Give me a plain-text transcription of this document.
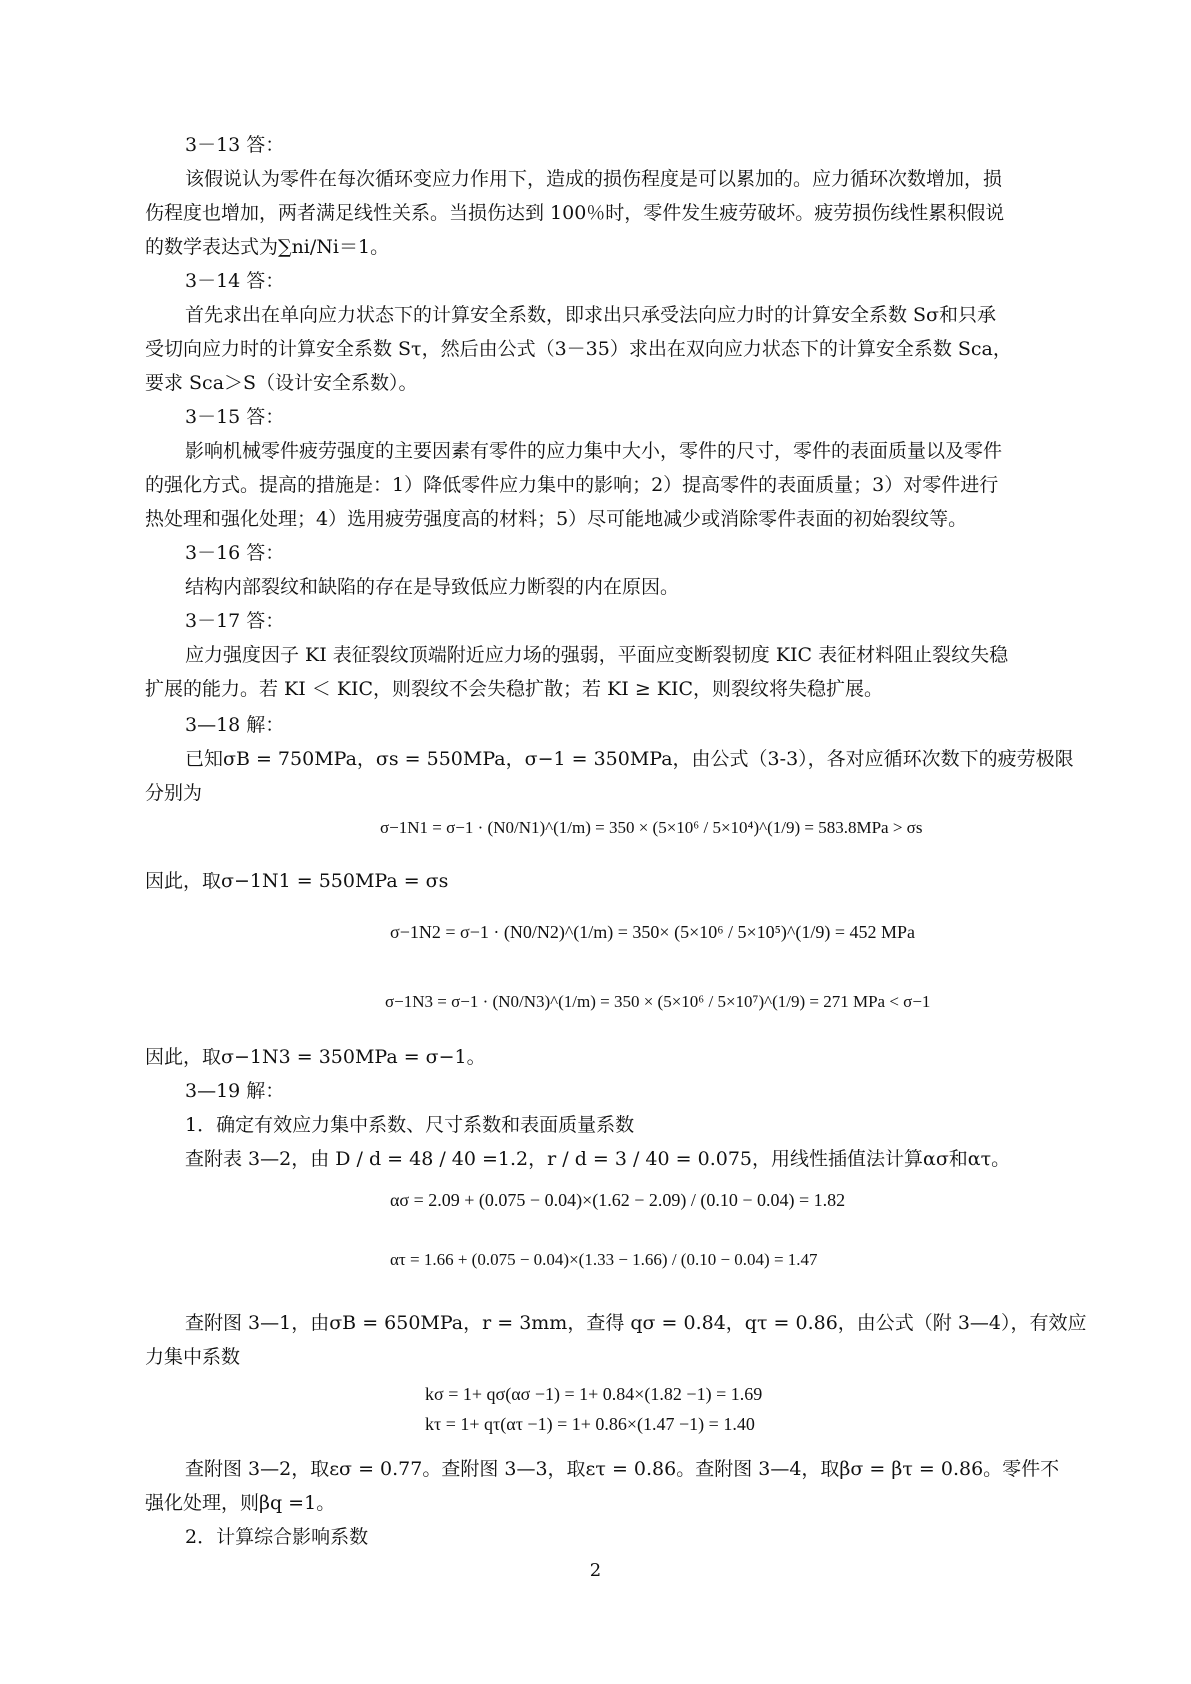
3－13 答：
该假说认为零件在每次循环变应力作用下，造成的损伤程度是可以累加的。应力循环次数增加，损
伤程度也增加，两者满足线性关系。当损伤达到 100％时，零件发生疲劳破坏。疲劳损伤线性累积假说
的数学表达式为∑ni/Ni＝1。
3－14 答：
首先求出在单向应力状态下的计算安全系数，即求出只承受法向应力时的计算安全系数 Sσ和只承
受切向应力时的计算安全系数 Sτ，然后由公式（3－35）求出在双向应力状态下的计算安全系数 Sca，
要求 Sca＞S（设计安全系数）。
3－15 答：
影响机械零件疲劳强度的主要因素有零件的应力集中大小，零件的尺寸，零件的表面质量以及零件
的强化方式。提高的措施是：1）降低零件应力集中的影响；2）提高零件的表面质量；3）对零件进行
热处理和强化处理；4）选用疲劳强度高的材料；5）尽可能地减少或消除零件表面的初始裂纹等。
3－16 答：
结构内部裂纹和缺陷的存在是导致低应力断裂的内在原因。
3－17 答：
应力强度因子 KI 表征裂纹顶端附近应力场的强弱，平面应变断裂韧度 KIC 表征材料阻止裂纹失稳
扩展的能力。若 KI ＜ KIC，则裂纹不会失稳扩散；若 KI ≥ KIC，则裂纹将失稳扩展。
3—18 解：
已知σB = 750MPa，σs = 550MPa，σ−1 = 350MPa，由公式（3-3），各对应循环次数下的疲劳极限
分别为
σ−1N1 = σ−1 · (N0/N1)^(1/m) = 350 × (5×10⁶ / 5×10⁴)^(1/9) = 583.8MPa > σs
因此，取σ−1N1 = 550MPa = σs
σ−1N2 = σ−1 · (N0/N2)^(1/m) = 350× (5×10⁶ / 5×10⁵)^(1/9) = 452 MPa
σ−1N3 = σ−1 · (N0/N3)^(1/m) = 350 × (5×10⁶ / 5×10⁷)^(1/9) = 271 MPa < σ−1
因此，取σ−1N3 = 350MPa = σ−1。
3—19 解：
1．确定有效应力集中系数、尺寸系数和表面质量系数
查附表 3—2，由 D / d = 48 / 40 =1.2，r / d = 3 / 40 = 0.075，用线性插值法计算ασ和ατ。
ασ = 2.09 + (0.075 − 0.04)×(1.62 − 2.09) / (0.10 − 0.04) = 1.82
ατ = 1.66 + (0.075 − 0.04)×(1.33 − 1.66) / (0.10 − 0.04) = 1.47
查附图 3—1，由σB = 650MPa，r = 3mm，查得 qσ = 0.84，qτ = 0.86，由公式（附 3—4），有效应
力集中系数
kσ = 1+ qσ(ασ −1) = 1+ 0.84×(1.82 −1) = 1.69
kτ = 1+ qτ(ατ −1) = 1+ 0.86×(1.47 −1) = 1.40
查附图 3—2，取εσ = 0.77。查附图 3—3，取ετ = 0.86。查附图 3—4，取βσ = βτ = 0.86。零件不
强化处理，则βq =1。
2．计算综合影响系数
2
